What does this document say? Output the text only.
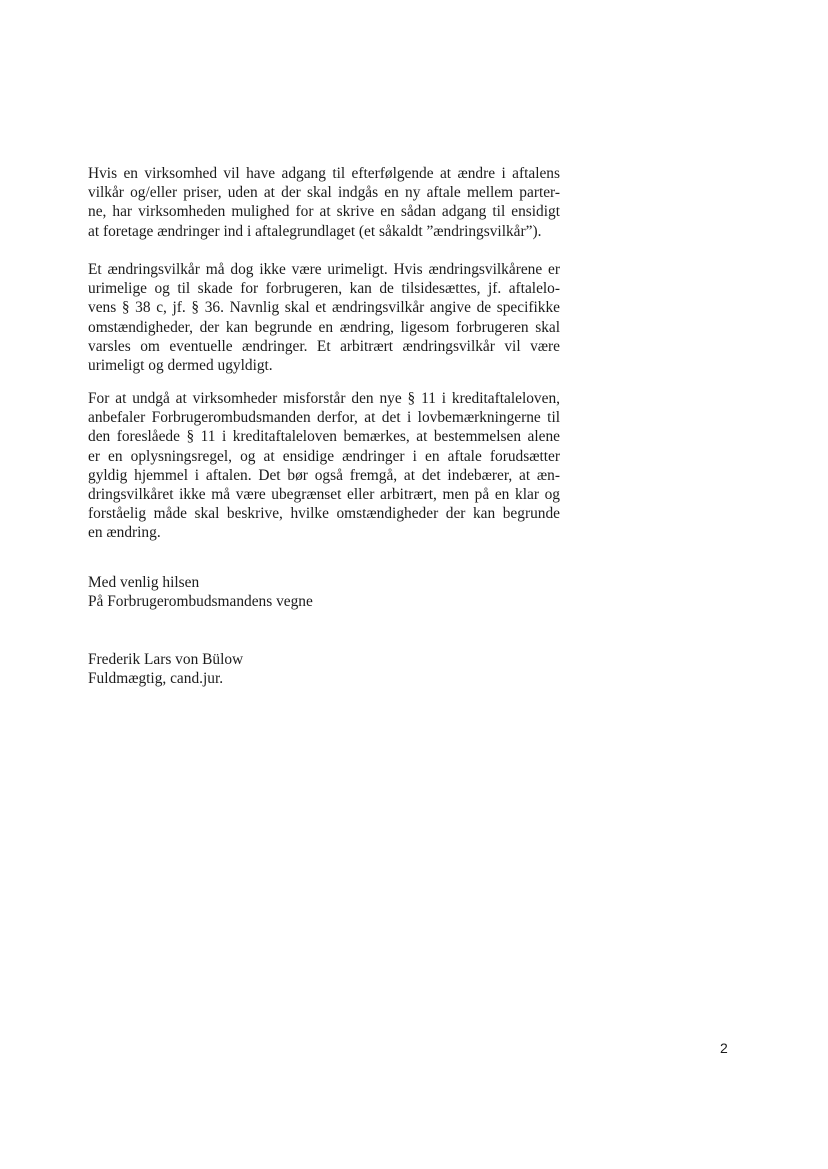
Hvis en virksomhed vil have adgang til efterfølgende at ændre i aftalens
vilkår og/eller priser, uden at der skal indgås en ny aftale mellem parter-
ne, har virksomheden mulighed for at skrive en sådan adgang til ensidigt
at foretage ændringer ind i aftalegrundlaget (et såkaldt ”ændringsvilkår”).
Et ændringsvilkår må dog ikke være urimeligt. Hvis ændringsvilkårene er
urimelige og til skade for forbrugeren, kan de tilsidesættes, jf. aftalelo-
vens § 38 c, jf. § 36. Navnlig skal et ændringsvilkår angive de specifikke
omstændigheder, der kan begrunde en ændring, ligesom forbrugeren skal
varsles om eventuelle ændringer. Et arbitrært ændringsvilkår vil være
urimeligt og dermed ugyldigt.
For at undgå at virksomheder misforstår den nye § 11 i kreditaftaleloven,
anbefaler Forbrugerombudsmanden derfor, at det i lovbemærkningerne til
den foreslåede § 11 i kreditaftaleloven bemærkes, at bestemmelsen alene
er en oplysningsregel, og at ensidige ændringer i en aftale forudsætter
gyldig hjemmel i aftalen. Det bør også fremgå, at det indebærer, at æn-
dringsvilkåret ikke må være ubegrænset eller arbitrært, men på en klar og
forståelig måde skal beskrive, hvilke omstændigheder der kan begrunde
en ændring.
Med venlig hilsen
På Forbrugerombudsmandens vegne
Frederik Lars von Bülow
Fuldmægtig, cand.jur.
2
